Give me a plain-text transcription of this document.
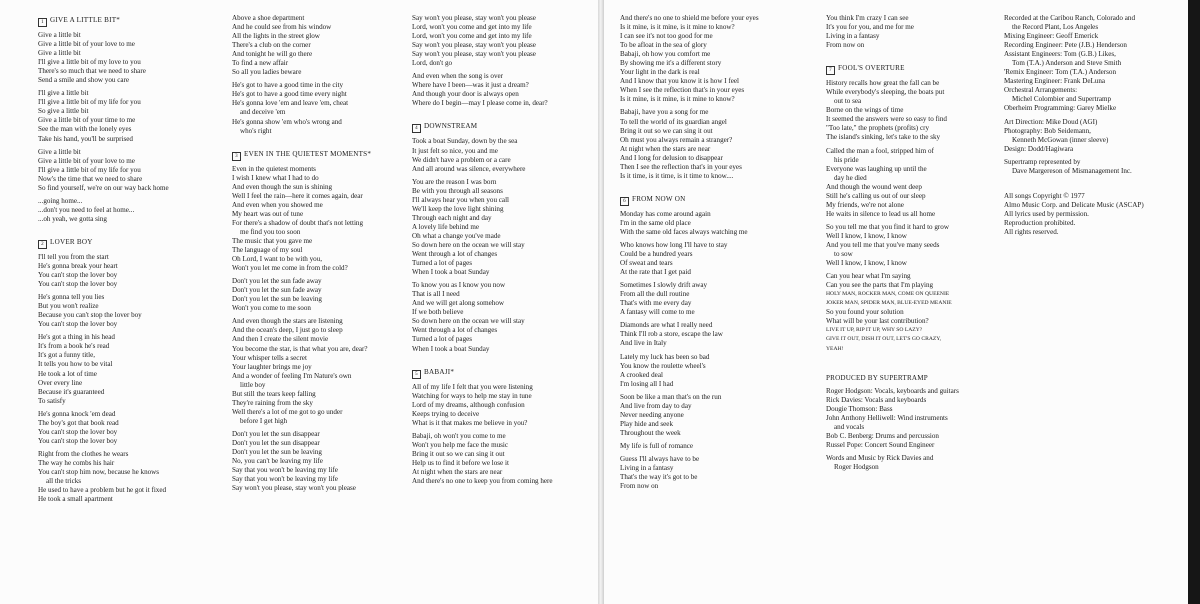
1 GIVE A LITTLE BIT*
Give a little bit
Give a little bit of your love to me
Give a little bit
I'll give a little bit of my love to you
There's so much that we need to share
Send a smile and show you care
I'll give a little bit
I'll give a little bit of my life for you
So give a little bit
Give a little bit of your time to me
See the man with the lonely eyes
Take his hand, you'll be surprised
Give a little bit
Give a little bit of your love to me
I'll give a little bit of my life for you
Now's the time that we need to share
So find yourself, we're on our way back home
...going home...
...don't you need to feel at home...
...oh yeah, we gotta sing
2 LOVER BOY
I'll tell you from the start
He's gonna break your heart
You can't stop the lover boy
You can't stop the lover boy
He's gonna tell you lies
But you won't realize
Because you can't stop the lover boy
You can't stop the lover boy
He's got a thing in his head
It's from a book he's read
It's got a funny title,
It tells you how to be vital
He took a lot of time
Over every line
Because it's guaranteed
To satisfy
He's gonna knock 'em dead
The boy's got that book read
You can't stop the lover boy
You can't stop the lover boy
Right from the clothes he wears
The way he combs his hair
You can't stop him now, because he knows
all the tricks
He used to have a problem but he got it fixed
He took a small apartment
Above a shoe department
And he could see from his window
All the lights in the street glow
There's a club on the corner
And tonight he will go there
To find a new affair
So all you ladies beware
He's got to have a good time in the city
He's got to have a good time every night
He's gonna love 'em and leave 'em, cheat
and deceive 'em
He's gonna show 'em who's wrong and
who's right
3 EVEN IN THE QUIETEST MOMENTS*
Even in the quietest moments
I wish I knew what I had to do
And even though the sun is shining
Well I feel the rain—here it comes again, dear
And even when you showed me
My heart was out of tune
For there's a shadow of doubt that's not letting
me find you too soon
The music that you gave me
The language of my soul
Oh Lord, I want to be with you,
Won't you let me come in from the cold?
Don't you let the sun fade away
Don't you let the sun fade away
Don't you let the sun be leaving
Won't you come to me soon
And even though the stars are listening
And the ocean's deep, I just go to sleep
And then I create the silent movie
You become the star, is that what you are, dear?
Your whisper tells a secret
Your laughter brings me joy
And a wonder of feeling I'm Nature's own
little boy
But still the tears keep falling
They're raining from the sky
Well there's a lot of me got to go under
before I get high
Don't you let the sun disappear
Don't you let the sun disappear
Don't you let the sun be leaving
No, you can't be leaving my life
Say that you won't be leaving my life
Say that you won't be leaving my life
Say won't you please, stay won't you please
Say won't you please, stay won't you please
Lord, won't you come and get into my life
Lord, won't you come and get into my life
Say won't you please, stay won't you please
Say won't you please, stay won't you please
Lord, don't go
And even when the song is over
Where have I been—was it just a dream?
And though your door is always open
Where do I begin—may I please come in, dear?
4 DOWNSTREAM
Took a boat Sunday, down by the sea
It just felt so nice, you and me
We didn't have a problem or a care
And all around was silence, everywhere
You are the reason I was born
Be with you through all seasons
I'll always hear you when you call
We'll keep the love light shining
Through each night and day
A lovely life behind me
Oh what a change you've made
So down here on the ocean we will stay
Went through a lot of changes
Turned a lot of pages
When I took a boat Sunday
To know you as I know you now
That is all I need
And we will get along somehow
If we both believe
So down here on the ocean we will stay
Went through a lot of changes
Turned a lot of pages
When I took a boat Sunday
5 BABAJI*
All of my life I felt that you were listening
Watching for ways to help me stay in tune
Lord of my dreams, although confusion
Keeps trying to deceive
What is it that makes me believe in you?
Babaji, oh won't you come to me
Won't you help me face the music
Bring it out so we can sing it out
Help us to find it before we lose it
At night when the stars are near
And there's no one to keep you from coming here
And there's no one to shield me before your eyes
Is it mine, is it mine, is it mine to know?
I can see it's not too good for me
To be afloat in the sea of glory
Babaji, oh how you comfort me
By showing me it's a different story
Your light in the dark is real
And I know that you know it is how I feel
When I see the reflection that's in your eyes
Is it mine, is it mine, is it mine to know?
Babaji, have you a song for me
To tell the world of its guardian angel
Bring it out so we can sing it out
Oh must you always remain a stranger?
At night when the stars are near
And I long for delusion to disappear
Then I see the reflection that's in your eyes
Is it time, is it time, is it time to know....
6 FROM NOW ON
Monday has come around again
I'm in the same old place
With the same old faces always watching me
Who knows how long I'll have to stay
Could be a hundred years
Of sweat and tears
At the rate that I get paid
Sometimes I slowly drift away
From all the dull routine
That's with me every day
A fantasy will come to me
Diamonds are what I really need
Think I'll rob a store, escape the law
And live in Italy
Lately my luck has been so bad
You know the roulette wheel's
A crooked deal
I'm losing all I had
Soon be like a man that's on the run
And live from day to day
Never needing anyone
Play hide and seek
Throughout the week
My life is full of romance
Guess I'll always have to be
Living in a fantasy
That's the way it's got to be
From now on
You think I'm crazy I can see
It's you for you, and me for me
Living in a fantasy
From now on
7 FOOL'S OVERTURE
History recalls how great the fall can be
While everybody's sleeping, the boats put
out to sea
Borne on the wings of time
It seemed the answers were so easy to find
"Too late," the prophets (profits) cry
The island's sinking, let's take to the sky
Called the man a fool, stripped him of
his pride
Everyone was laughing up until the
day he died
And though the wound went deep
Still he's calling us out of our sleep
My friends, we're not alone
He waits in silence to lead us all home
So you tell me that you find it hard to grow
Well I know, I know, I know
And you tell me that you've many seeds
to sow
Well I know, I know, I know
Can you hear what I'm saying
Can you see the parts that I'm playing
HOLY MAN, ROCKER MAN, COME ON QUEENIE
JOKER MAN, SPIDER MAN, BLUE-EYED MEANIE
So you found your solution
What will be your last contribution?
LIVE IT UP, RIP IT UP, WHY SO LAZY?
GIVE IT OUT, DISH IT OUT, LET'S GO CRAZY,
YEAH!
PRODUCED BY SUPERTRAMP
Roger Hodgson: Vocals, keyboards and guitars
Rick Davies: Vocals and keyboards
Dougie Thomson: Bass
John Anthony Helliwell: Wind instruments
and vocals
Bob C. Benberg: Drums and percussion
Russel Pope: Concert Sound Engineer
Words and Music by Rick Davies and
Roger Hodgson
Recorded at the Caribou Ranch, Colorado and
the Record Plant, Los Angeles
Mixing Engineer: Geoff Emerick
Recording Engineer: Pete (J.B.) Henderson
Assistant Engineers: Tom (G.B.) Likes,
Tom (T.A.) Anderson and Steve Smith
'Remix Engineer: Tom (T.A.) Anderson
Mastering Engineer: Frank DeLuna
Orchestral Arrangements:
Michel Colombier and Supertramp
Oberheim Programming: Garey Mielke
Art Direction: Mike Doud (AGI)
Photography: Bob Seidemann,
Kenneth McGowan (inner sleeve)
Design: Dodd/Hagiwara
Supertramp represented by
Dave Margereson of Mismanagement Inc.
All songs Copyright © 1977
Almo Music Corp. and Delicate Music (ASCAP)
All lyrics used by permission.
Reproduction prohibited.
All rights reserved.
